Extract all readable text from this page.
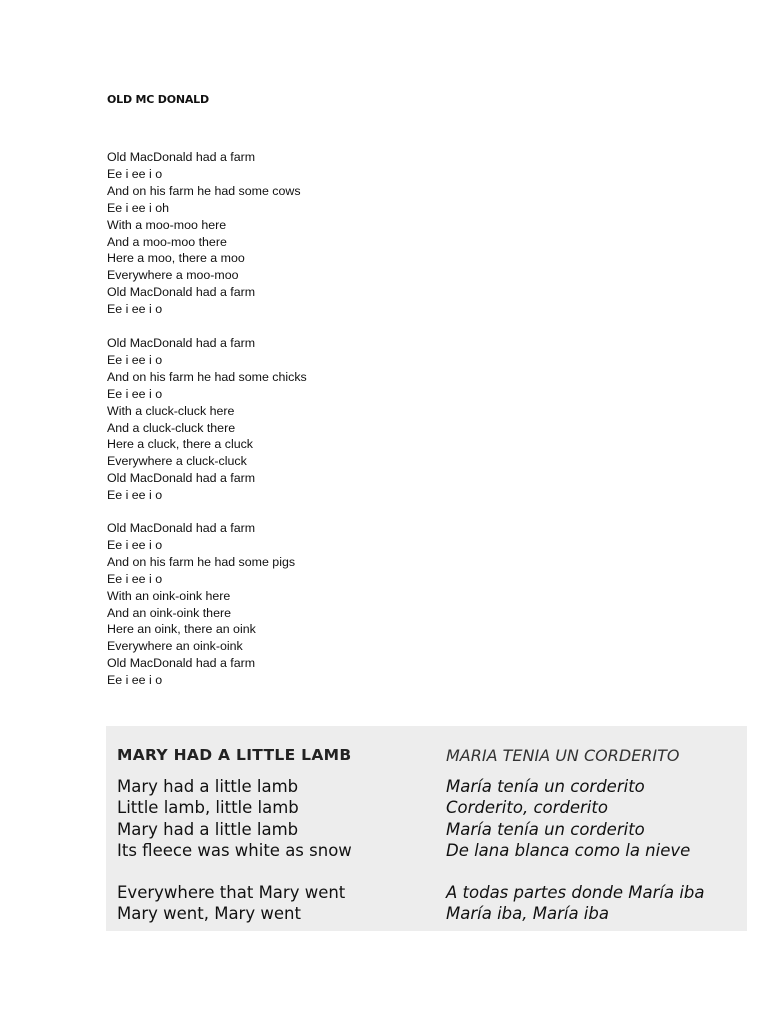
OLD MC DONALD
Old MacDonald had a farm
Ee i ee i o
And on his farm he had some cows
Ee i ee i oh
With a moo-moo here
And a moo-moo there
Here a moo, there a moo
Everywhere a moo-moo
Old MacDonald had a farm
Ee i ee i o
Old MacDonald had a farm
Ee i ee i o
And on his farm he had some chicks
Ee i ee i o
With a cluck-cluck here
And a cluck-cluck there
Here a cluck, there a cluck
Everywhere a cluck-cluck
Old MacDonald had a farm
Ee i ee i o
Old MacDonald had a farm
Ee i ee i o
And on his farm he had some pigs
Ee i ee i o
With an oink-oink here
And an oink-oink there
Here an oink, there an oink
Everywhere an oink-oink
Old MacDonald had a farm
Ee i ee i o
MARY HAD A LITTLE LAMB
Mary had a little lamb
Little lamb, little lamb
Mary had a little lamb
Its fleece was white as snow
Everywhere that Mary went
Mary went, Mary went
MARIA TENIA UN CORDERITO
María tenía un corderito
Corderito, corderito
María tenía un corderito
De lana blanca como la nieve
A todas partes donde María iba
María iba, María iba
